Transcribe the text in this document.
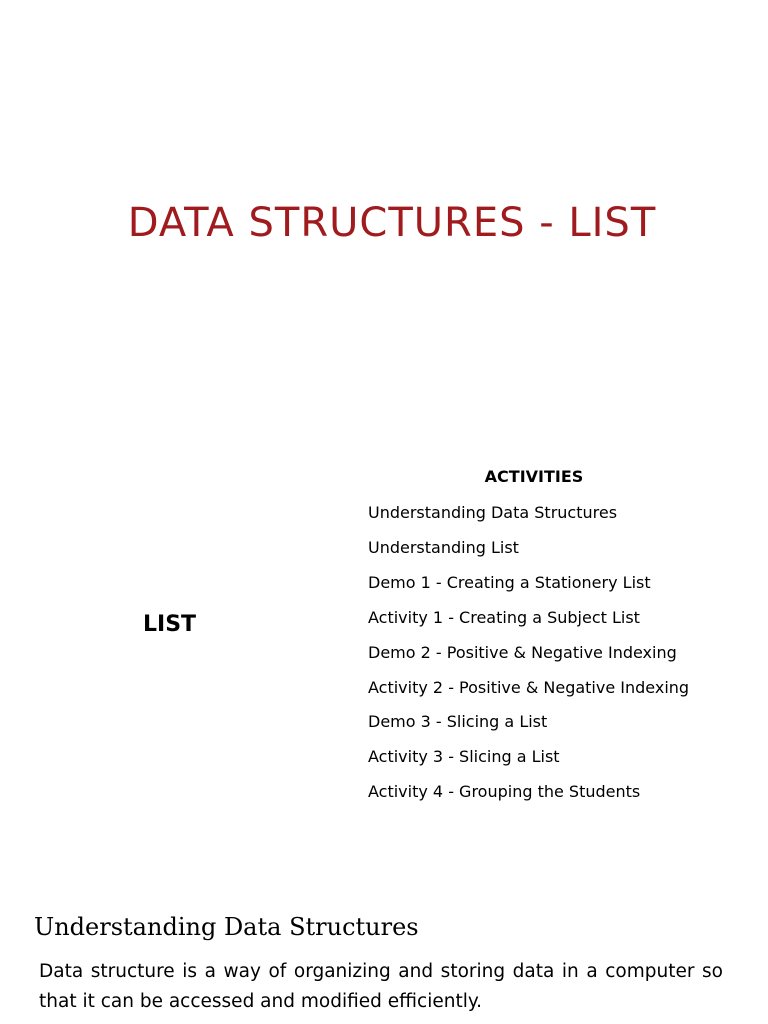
DATA STRUCTURES - LIST
LIST
ACTIVITIES
Understanding Data Structures
Understanding List
Demo 1 - Creating a Stationery List
Activity 1 - Creating a Subject List
Demo 2 - Positive & Negative Indexing
Activity 2 - Positive & Negative Indexing
Demo 3 - Slicing a List
Activity 3 - Slicing a List
Activity 4 - Grouping the Students
Understanding Data Structures

Data structure is a way of organizing and storing data in a computer so that it can be accessed and modified efficiently.
